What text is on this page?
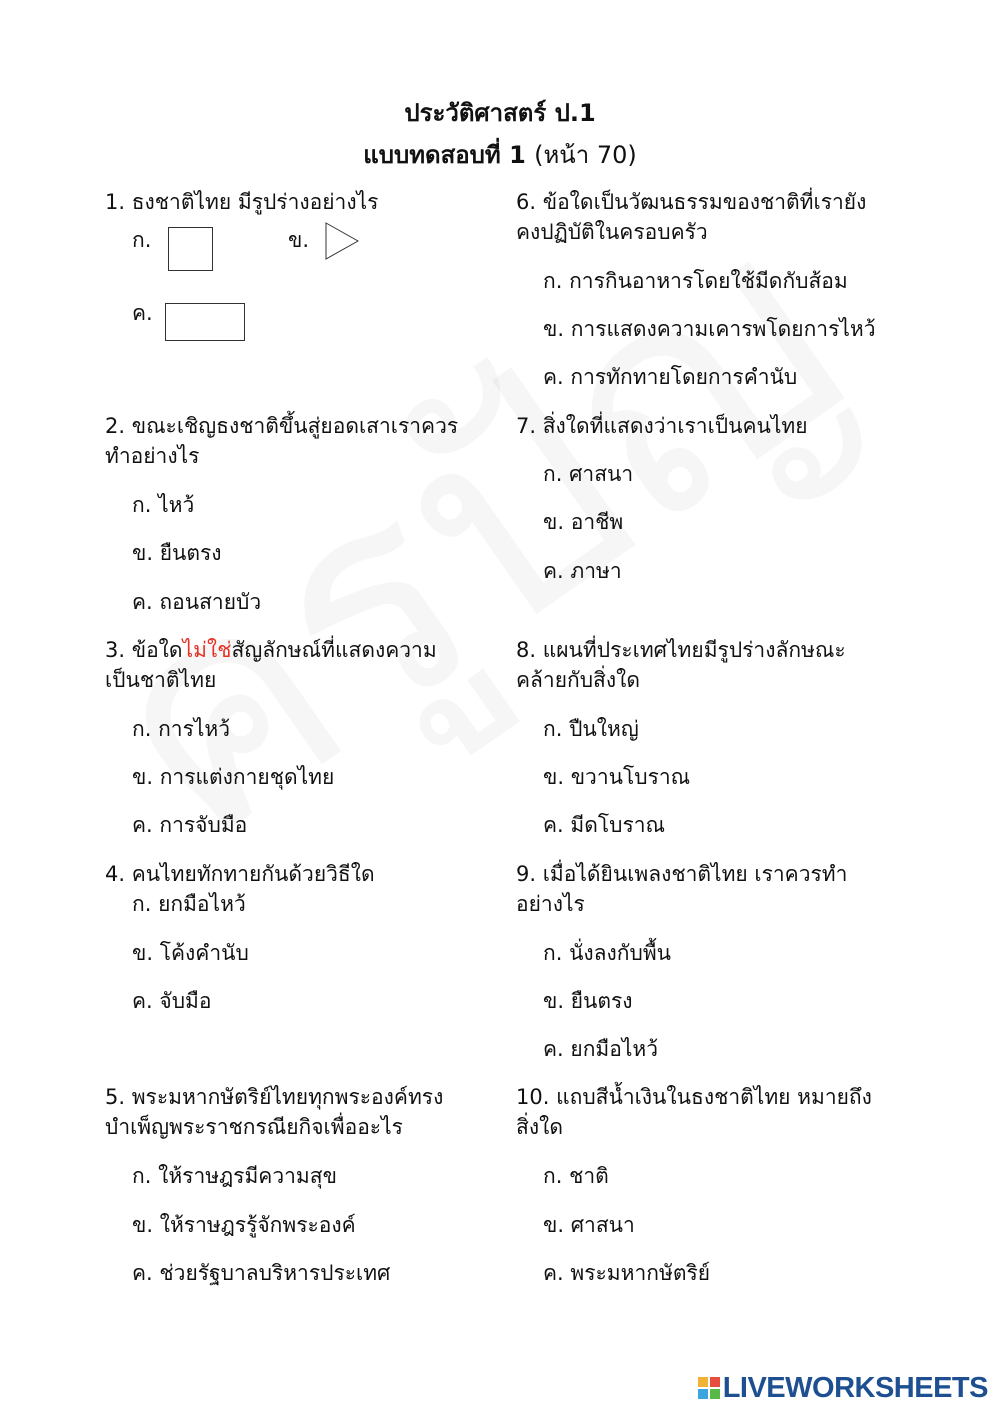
ประวัติศาสตร์ ป.1
แบบทดสอบที่ 1 (หน้า 70)
1. ธงชาติไทย มีรูปร่างอย่างไร
ก.	ข.
ค.
2. ขณะเชิญธงชาติขึ้นสู่ยอดเสาเราควร
ทำอย่างไร
ก. ไหว้
ข. ยืนตรง
ค. ถอนสายบัว
3. ข้อใดไม่ใช่สัญลักษณ์ที่แสดงความ
เป็นชาติไทย
ก. การไหว้
ข. การแต่งกายชุดไทย
ค. การจับมือ
4. คนไทยทักทายกันด้วยวิธีใด
ก. ยกมือไหว้
ข. โค้งคำนับ
ค. จับมือ
5. พระมหากษัตริย์ไทยทุกพระองค์ทรง
บำเพ็ญพระราชกรณียกิจเพื่ออะไร
ก. ให้ราษฎรมีความสุข
ข. ให้ราษฎรรู้จักพระองค์
ค. ช่วยรัฐบาลบริหารประเทศ
6. ข้อใดเป็นวัฒนธรรมของชาติที่เรายัง
คงปฏิบัติในครอบครัว
ก. การกินอาหารโดยใช้มีดกับส้อม
ข. การแสดงความเคารพโดยการไหว้
ค. การทักทายโดยการคำนับ
7. สิ่งใดที่แสดงว่าเราเป็นคนไทย
ก. ศาสนา
ข. อาชีพ
ค. ภาษา
8. แผนที่ประเทศไทยมีรูปร่างลักษณะ
คล้ายกับสิ่งใด
ก. ปืนใหญ่
ข. ขวานโบราณ
ค. มีดโบราณ
9. เมื่อได้ยินเพลงชาติไทย เราควรทำ
อย่างไร
ก. นั่งลงกับพื้น
ข. ยืนตรง
ค. ยกมือไหว้
10. แถบสีน้ำเงินในธงชาติไทย หมายถึง
สิ่งใด
ก. ชาติ
ข. ศาสนา
ค. พระมหากษัตริย์
LIVEWORKSHEETS
